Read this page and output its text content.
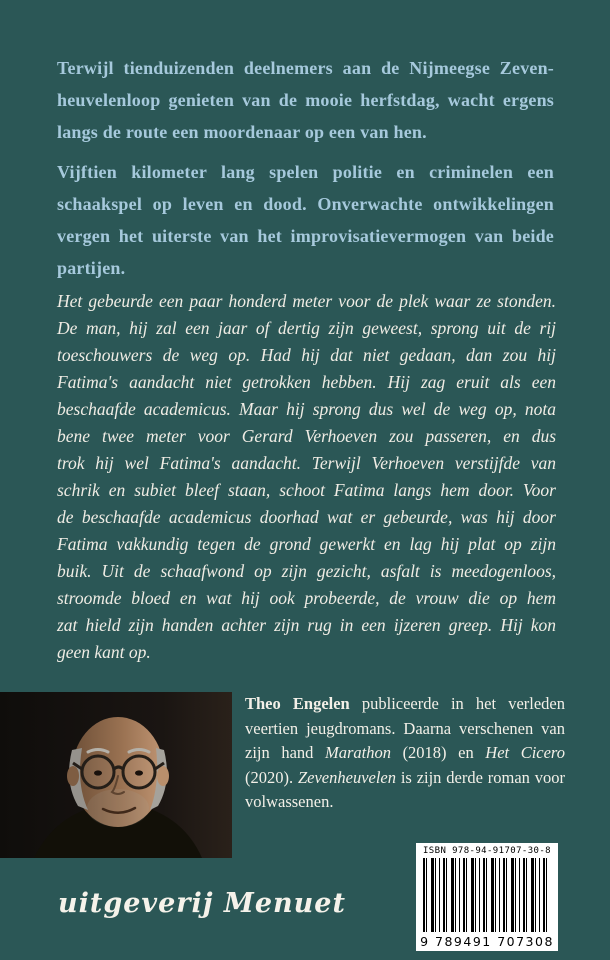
Terwijl tienduizenden deelnemers aan de Nijmeegse Zeven-
heuvelenloop genieten van de mooie herfstdag, wacht ergens
langs de route een moordenaar op een van hen.
Vijftien kilometer lang spelen politie en criminelen een
schaakspel op leven en dood. Onverwachte ontwikkelingen
vergen het uiterste van het improvisatievermogen van beide
partijen.
Het gebeurde een paar honderd meter voor de plek waar ze stonden.
De man, hij zal een jaar of dertig zijn geweest, sprong uit de rij
toeschouwers de weg op. Had hij dat niet gedaan, dan zou hij
Fatima's aandacht niet getrokken hebben. Hij zag eruit als een
beschaafde academicus. Maar hij sprong dus wel de weg op, nota
bene twee meter voor Gerard Verhoeven zou passeren, en dus
trok hij wel Fatima's aandacht. Terwijl Verhoeven verstijfde van
schrik en subiet bleef staan, schoot Fatima langs hem door. Voor
de beschaafde academicus doorhad wat er gebeurde, was hij door
Fatima vakkundig tegen de grond gewerkt en lag hij plat op zijn
buik. Uit de schaafwond op zijn gezicht, asfalt is meedogenloos,
stroomde bloed en wat hij ook probeerde, de vrouw die op hem
zat hield zijn handen achter zijn rug in een ijzeren greep. Hij kon
geen kant op.
Theo Engelen publiceerde in het verleden veertien jeugdromans. Daarna verschenen van zijn hand Marathon (2018) en Het Cicero (2020). Zevenheuvelen is zijn derde roman voor volwassenen.
uitgeverij Menuet
ISBN 978-94-91707-30-8
9 789491 707308
